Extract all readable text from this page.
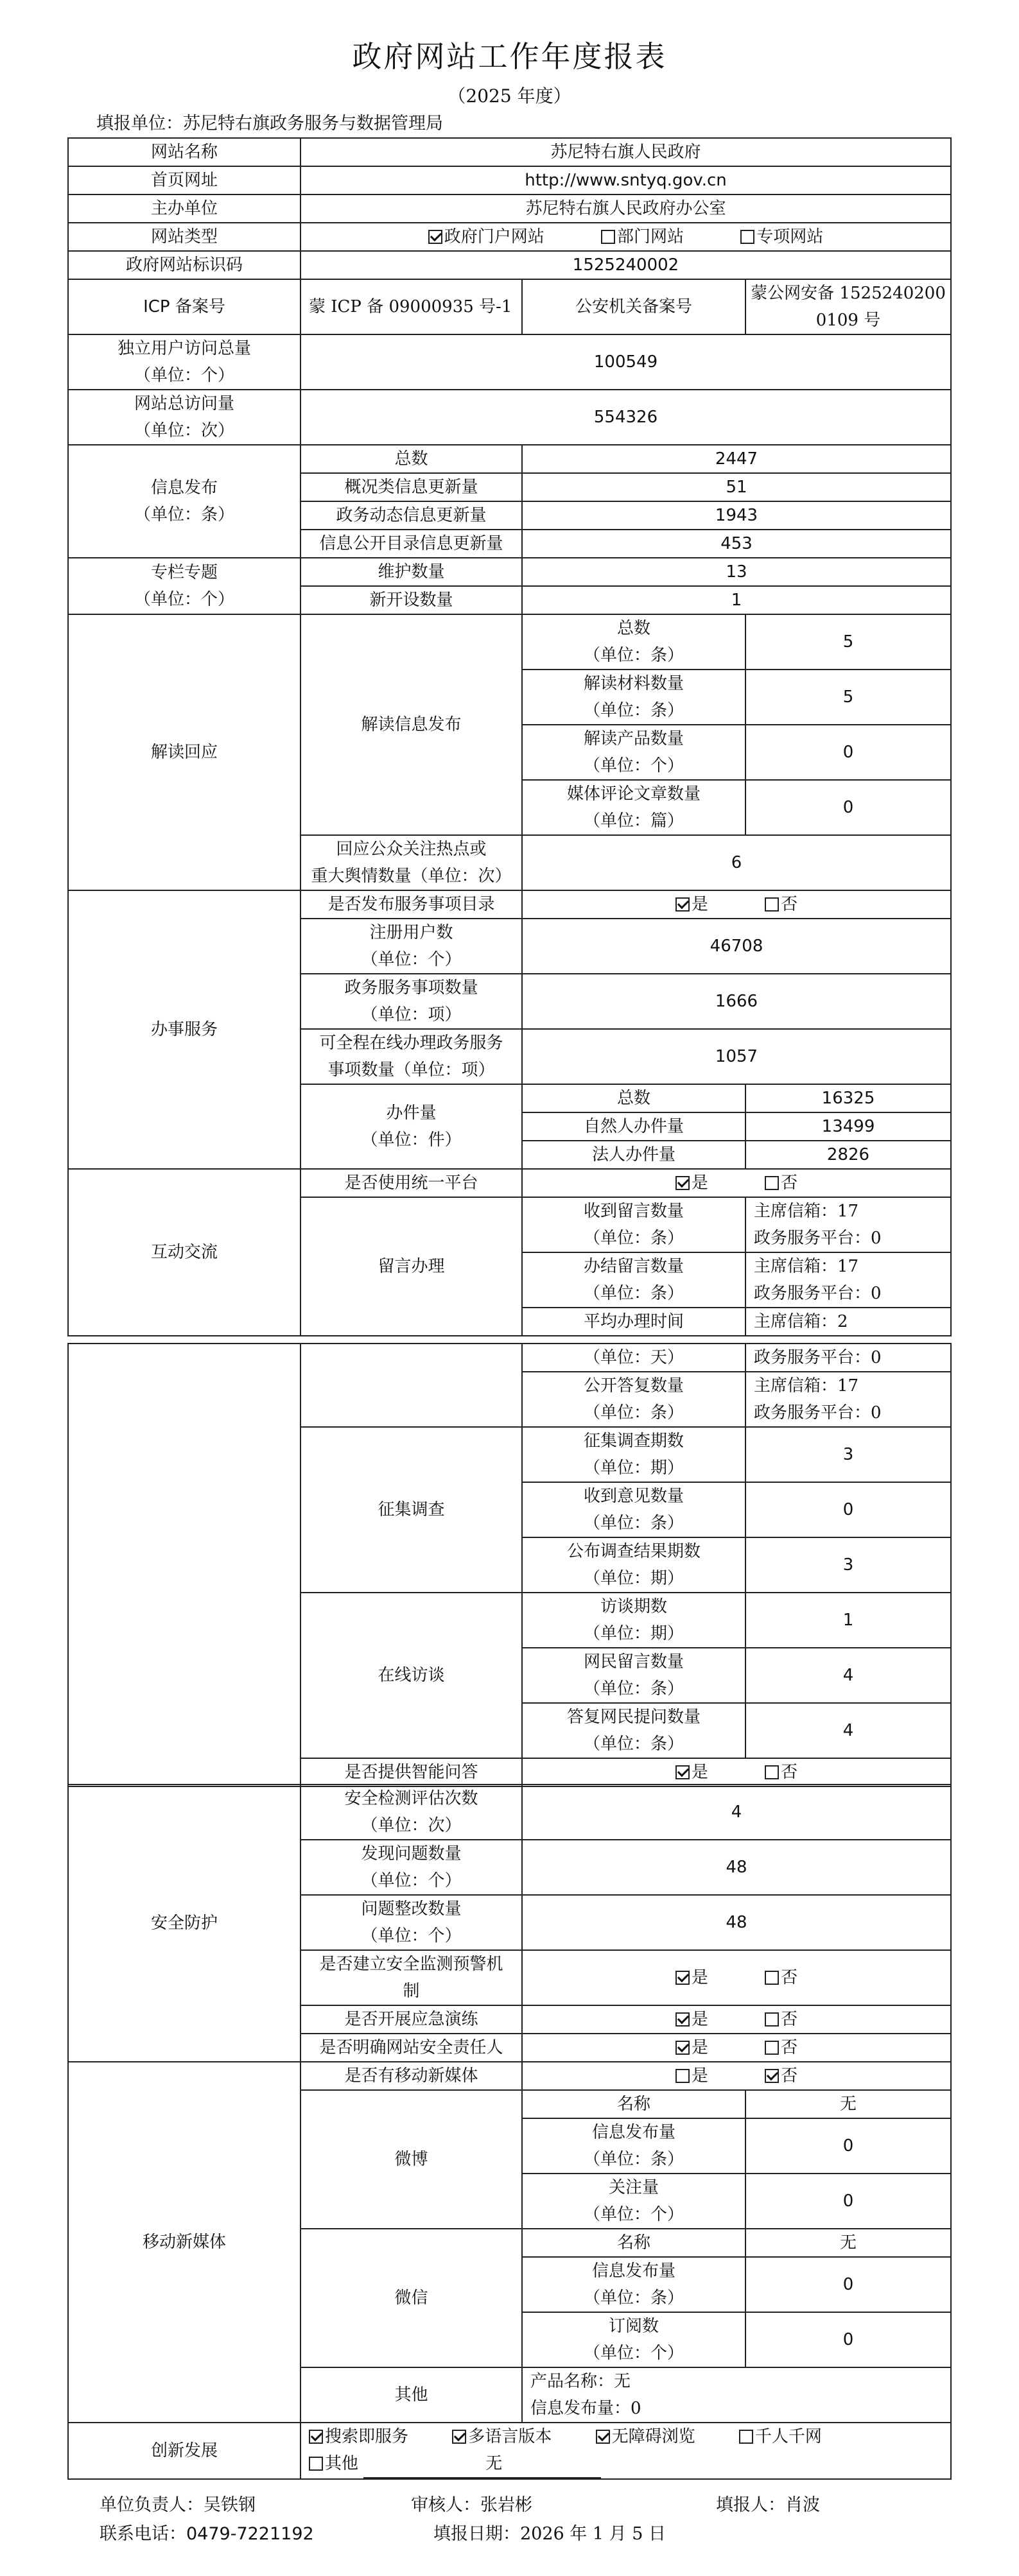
政府网站工作年度报表
（2025 年度）
填报单位：苏尼特右旗政务服务与数据管理局
网站名称	苏尼特右旗人民政府		
首页网址	http://www.sntyq.gov.cn		
主办单位	苏尼特右旗人民政府办公室		
网站类型	政府门户网站 部门网站 专项网站		
政府网站标识码	1525240002		
ICP 备案号	蒙 ICP 备 09000935 号-1	公安机关备案号	蒙公网安备 15252402000109 号
独立用户访问总量
（单位：个）	100549		
网站总访问量
（单位：次）	554326		
信息发布
（单位：条）	总数	2447	
	概况类信息更新量	51	
	政务动态信息更新量	1943	
	信息公开目录信息更新量	453	
专栏专题
（单位：个）	维护数量	13	
	新开设数量	1	
解读回应	解读信息发布	总数
（单位：条）	5
		解读材料数量
（单位：条）	5
		解读产品数量
（单位：个）	0
		媒体评论文章数量
（单位：篇）	0
	回应公众关注热点或
重大舆情数量（单位：次）	6	
办事服务	是否发布服务事项目录	是 否	
	注册用户数
（单位：个）	46708	
	政务服务事项数量
（单位：项）	1666	
	可全程在线办理政务服务
事项数量（单位：项）	1057	
	办件量
（单位：件）	总数	16325
		自然人办件量	13499
		法人办件量	2826
互动交流	是否使用统一平台	是 否	
	留言办理	收到留言数量
（单位：条）	主席信箱：17
政务服务平台：0
		办结留言数量
（单位：条）	主席信箱：17
政务服务平台：0
		平均办理时间	主席信箱：2
		（单位：天）	政务服务平台：0
		公开答复数量
（单位：条）	主席信箱：17
政务服务平台：0
	征集调查	征集调查期数
（单位：期）	3
		收到意见数量
（单位：条）	0
		公布调查结果期数
（单位：期）	3
	在线访谈	访谈期数
（单位：期）	1
		网民留言数量
（单位：条）	4
		答复网民提问数量
（单位：条）	4
	是否提供智能问答	是 否	
安全防护	安全检测评估次数
（单位：次）	4	
	发现问题数量
（单位：个）	48	
	问题整改数量
（单位：个）	48	
	是否建立安全监测预警机
制	是 否	
	是否开展应急演练	是 否	
	是否明确网站安全责任人	是 否	
移动新媒体	是否有移动新媒体	是 否	
	微博	名称	无
		信息发布量
（单位：条）	0
		关注量
（单位：个）	0
	微信	名称	无
		信息发布量
（单位：条）	0
		订阅数
（单位：个）	0
	其他	产品名称：无
信息发布量：0	
创新发展	搜索即服务 多语言版本 无障碍浏览 千人千网
其他 无		
单位负责人：吴铁钢	审核人：张岩彬	填报人：肖波
联系电话：0479-7221192	填报日期：2026 年 1 月 5 日
